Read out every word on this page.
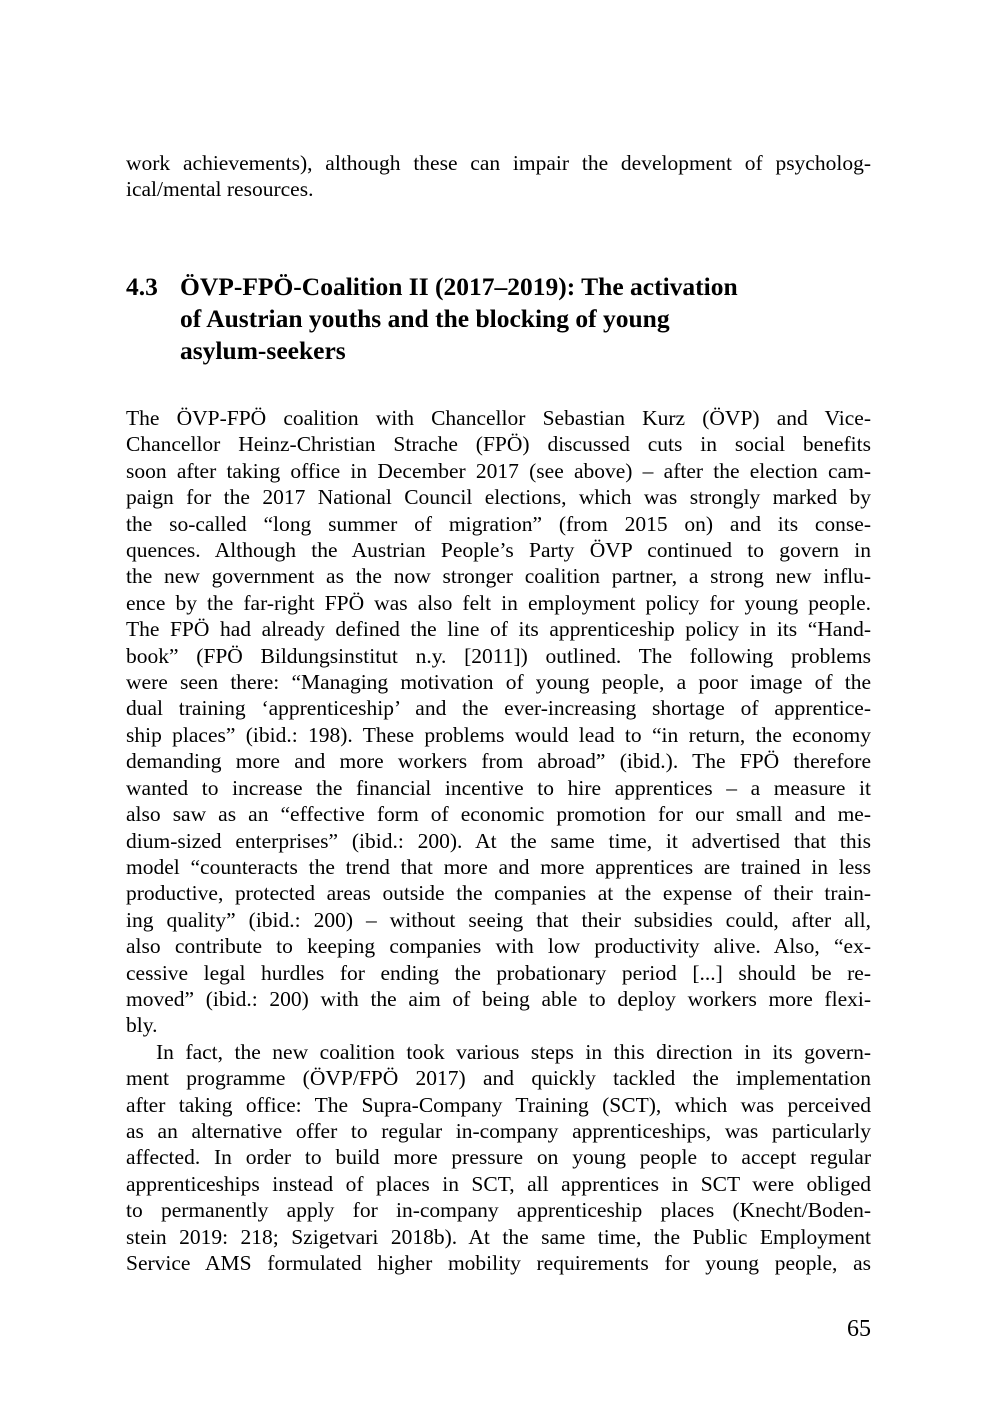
work achievements), although these can impair the development of psycholog-
ical/mental resources.
4.3 ÖVP-FPÖ-Coalition II (2017–2019): The activation
of Austrian youths and the blocking of young
asylum-seekers
The ÖVP-FPÖ coalition with Chancellor Sebastian Kurz (ÖVP) and Vice-
Chancellor Heinz-Christian Strache (FPÖ) discussed cuts in social benefits
soon after taking office in December 2017 (see above) – after the election cam-
paign for the 2017 National Council elections, which was strongly marked by
the so-called “long summer of migration” (from 2015 on) and its conse-
quences. Although the Austrian People’s Party ÖVP continued to govern in
the new government as the now stronger coalition partner, a strong new influ-
ence by the far-right FPÖ was also felt in employment policy for young people.
The FPÖ had already defined the line of its apprenticeship policy in its “Hand-
book” (FPÖ Bildungsinstitut n.y. [2011]) outlined. The following problems
were seen there: “Managing motivation of young people, a poor image of the
dual training ‘apprenticeship’ and the ever-increasing shortage of apprentice-
ship places” (ibid.: 198). These problems would lead to “in return, the economy
demanding more and more workers from abroad” (ibid.). The FPÖ therefore
wanted to increase the financial incentive to hire apprentices – a measure it
also saw as an “effective form of economic promotion for our small and me-
dium-sized enterprises” (ibid.: 200). At the same time, it advertised that this
model “counteracts the trend that more and more apprentices are trained in less
productive, protected areas outside the companies at the expense of their train-
ing quality” (ibid.: 200) – without seeing that their subsidies could, after all,
also contribute to keeping companies with low productivity alive. Also, “ex-
cessive legal hurdles for ending the probationary period [...] should be re-
moved” (ibid.: 200) with the aim of being able to deploy workers more flexi-
bly.
In fact, the new coalition took various steps in this direction in its govern-
ment programme (ÖVP/FPÖ 2017) and quickly tackled the implementation
after taking office: The Supra-Company Training (SCT), which was perceived
as an alternative offer to regular in-company apprenticeships, was particularly
affected. In order to build more pressure on young people to accept regular
apprenticeships instead of places in SCT, all apprentices in SCT were obliged
to permanently apply for in-company apprenticeship places (Knecht/Boden-
stein 2019: 218; Szigetvari 2018b). At the same time, the Public Employment
Service AMS formulated higher mobility requirements for young people, as
65
